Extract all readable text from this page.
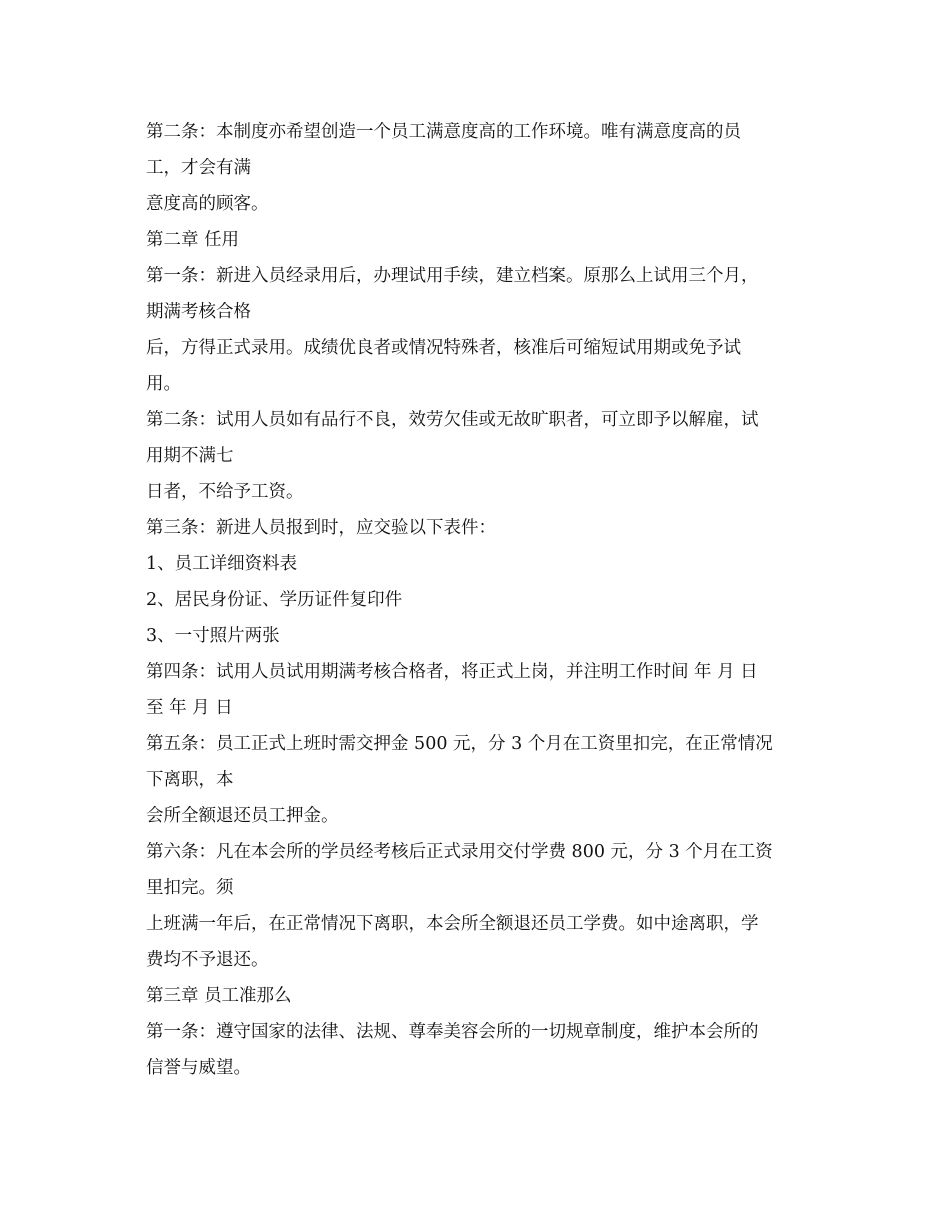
第二条：本制度亦希望创造一个员工满意度高的工作环境。唯有满意度高的员
工，才会有满
意度高的顾客。
第二章 任用
第一条：新进入员经录用后，办理试用手续，建立档案。原那么上试用三个月，
期满考核合格
后，方得正式录用。成绩优良者或情况特殊者，核准后可缩短试用期或免予试
用。
第二条：试用人员如有品行不良，效劳欠佳或无故旷职者，可立即予以解雇，试
用期不满七
日者，不给予工资。
第三条：新进人员报到时，应交验以下表件：
1、员工详细资料表
2、居民身份证、学历证件复印件
3、一寸照片两张
第四条：试用人员试用期满考核合格者，将正式上岗，并注明工作时间 年 月 日
至 年 月 日
第五条：员工正式上班时需交押金 500 元，分 3 个月在工资里扣完，在正常情况
下离职，本
会所全额退还员工押金。
第六条：凡在本会所的学员经考核后正式录用交付学费 800 元，分 3 个月在工资
里扣完。须
上班满一年后，在正常情况下离职，本会所全额退还员工学费。如中途离职，学
费均不予退还。
第三章 员工准那么
第一条：遵守国家的法律、法规、尊奉美容会所的一切规章制度，维护本会所的
信誉与威望。
